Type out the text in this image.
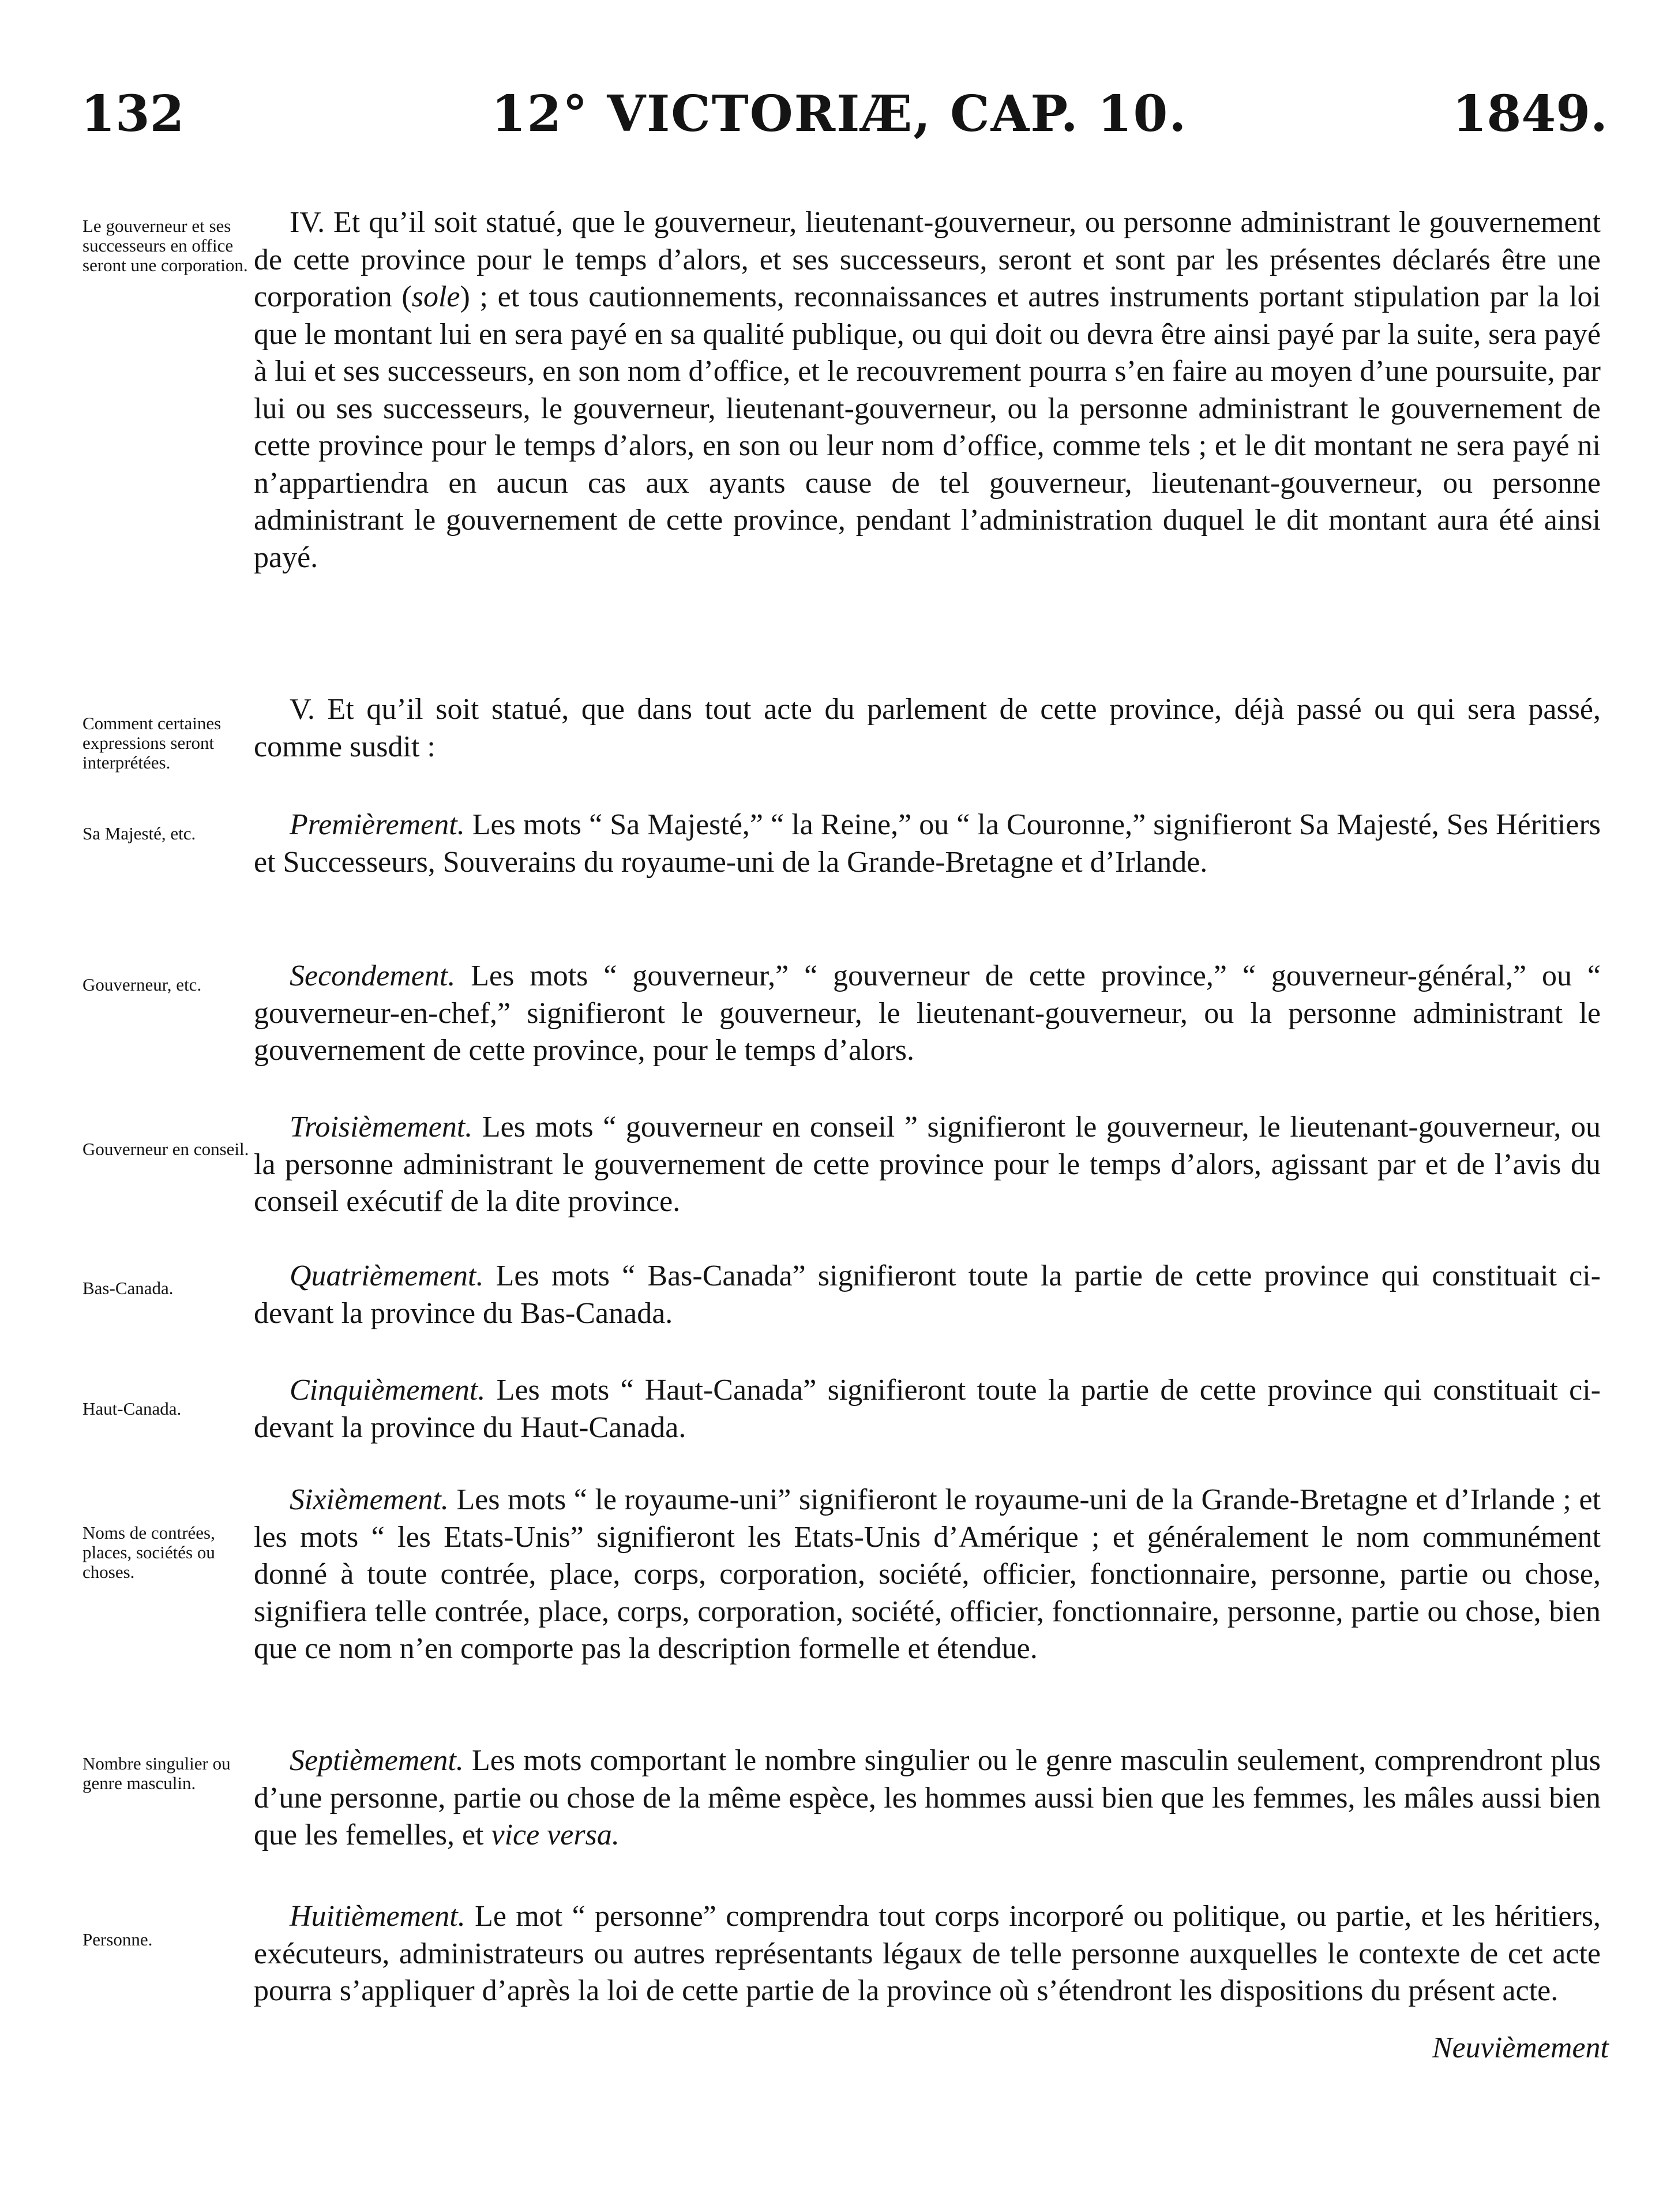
132	12° VICTORIÆ, CAP. 10.	1849.

Le gouverneur et ses successeurs en office seront une corporation.

Comment certaines expressions seront interprétées.

Sa Majesté, etc.

Gouverneur, etc.

Gouverneur en conseil.

Bas-Canada.

Haut-Canada.

Noms de contrées, places, sociétés ou choses.

Nombre singulier ou genre masculin.

Personne.

IV. Et qu’il soit statué, que le gouverneur, lieutenant-gouverneur, ou personne administrant le gouvernement de cette province pour le temps d’alors, et ses successeurs, seront et sont par les présentes déclarés être une corporation (sole) ; et tous cautionnements, reconnaissances et autres instruments portant stipulation par la loi que le montant lui en sera payé en sa qualité publique, ou qui doit ou devra être ainsi payé par la suite, sera payé à lui et ses successeurs, en son nom d’office, et le recouvrement pourra s’en faire au moyen d’une poursuite, par lui ou ses successeurs, le gouverneur, lieutenant-gouverneur, ou la personne administrant le gouvernement de cette province pour le temps d’alors, en son ou leur nom d’office, comme tels ; et le dit montant ne sera payé ni n’appartiendra en aucun cas aux ayants cause de tel gouverneur, lieutenant-gouverneur, ou personne administrant le gouvernement de cette province, pendant l’administration duquel le dit montant aura été ainsi payé.

V. Et qu’il soit statué, que dans tout acte du parlement de cette province, déjà passé ou qui sera passé, comme susdit :

Premièrement. Les mots “ Sa Majesté,” “ la Reine,” ou “ la Couronne,” signifieront Sa Majesté, Ses Héritiers et Successeurs, Souverains du royaume-uni de la Grande-Bretagne et d’Irlande.

Secondement. Les mots “ gouverneur,” “ gouverneur de cette province,” “ gouverneur-général,” ou “ gouverneur-en-chef,” signifieront le gouverneur, le lieutenant-gouverneur, ou la personne administrant le gouvernement de cette province, pour le temps d’alors.

Troisièmement. Les mots “ gouverneur en conseil ” signifieront le gouverneur, le lieutenant-gouverneur, ou la personne administrant le gouvernement de cette province pour le temps d’alors, agissant par et de l’avis du conseil exécutif de la dite province.

Quatrièmement. Les mots “ Bas-Canada” signifieront toute la partie de cette province qui constituait ci-devant la province du Bas-Canada.

Cinquièmement. Les mots “ Haut-Canada” signifieront toute la partie de cette province qui constituait ci-devant la province du Haut-Canada.

Sixièmement. Les mots “ le royaume-uni” signifieront le royaume-uni de la Grande-Bretagne et d’Irlande ; et les mots “ les Etats-Unis” signifieront les Etats-Unis d’Amérique ; et généralement le nom communément donné à toute contrée, place, corps, corporation, société, officier, fonctionnaire, personne, partie ou chose, signifiera telle contrée, place, corps, corporation, société, officier, fonctionnaire, personne, partie ou chose, bien que ce nom n’en comporte pas la description formelle et étendue.

Septièmement. Les mots comportant le nombre singulier ou le genre masculin seulement, comprendront plus d’une personne, partie ou chose de la même espèce, les hommes aussi bien que les femmes, les mâles aussi bien que les femelles, et vice versa.

Huitièmement. Le mot “ personne” comprendra tout corps incorporé ou politique, ou partie, et les héritiers, exécuteurs, administrateurs ou autres représentants légaux de telle personne auxquelles le contexte de cet acte pourra s’appliquer d’après la loi de cette partie de la province où s’étendront les dispositions du présent acte.

Neuvièmement
